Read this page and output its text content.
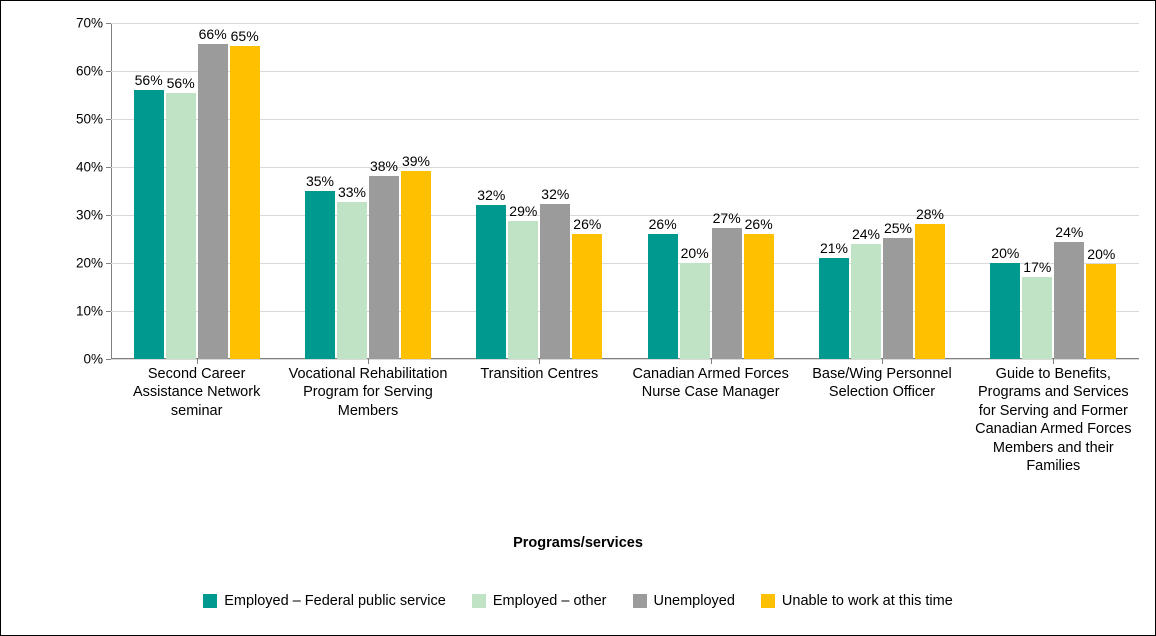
0%
10%
20%
30%
40%
50%
60%
70%
56% 56%
66% 65%
35%
33%
38% 39%
32%
29%
32%
26%	26%
20%
27% 26%
21%
24% 25%
28%
20%
17%
24%
20%
Second Career Assistance Network seminar
Vocational Rehabilitation Program for Serving Members
Transition Centres	Canadian Armed Forces Nurse Case Manager
Base/Wing Personnel Selection Officer
Guide to Benefits, Programs and Services for Serving and Former Canadian Armed Forces Members and their Families
Programs/services
Employed – Federal public service	Employed – other	Unemployed	Unable to work at this time
